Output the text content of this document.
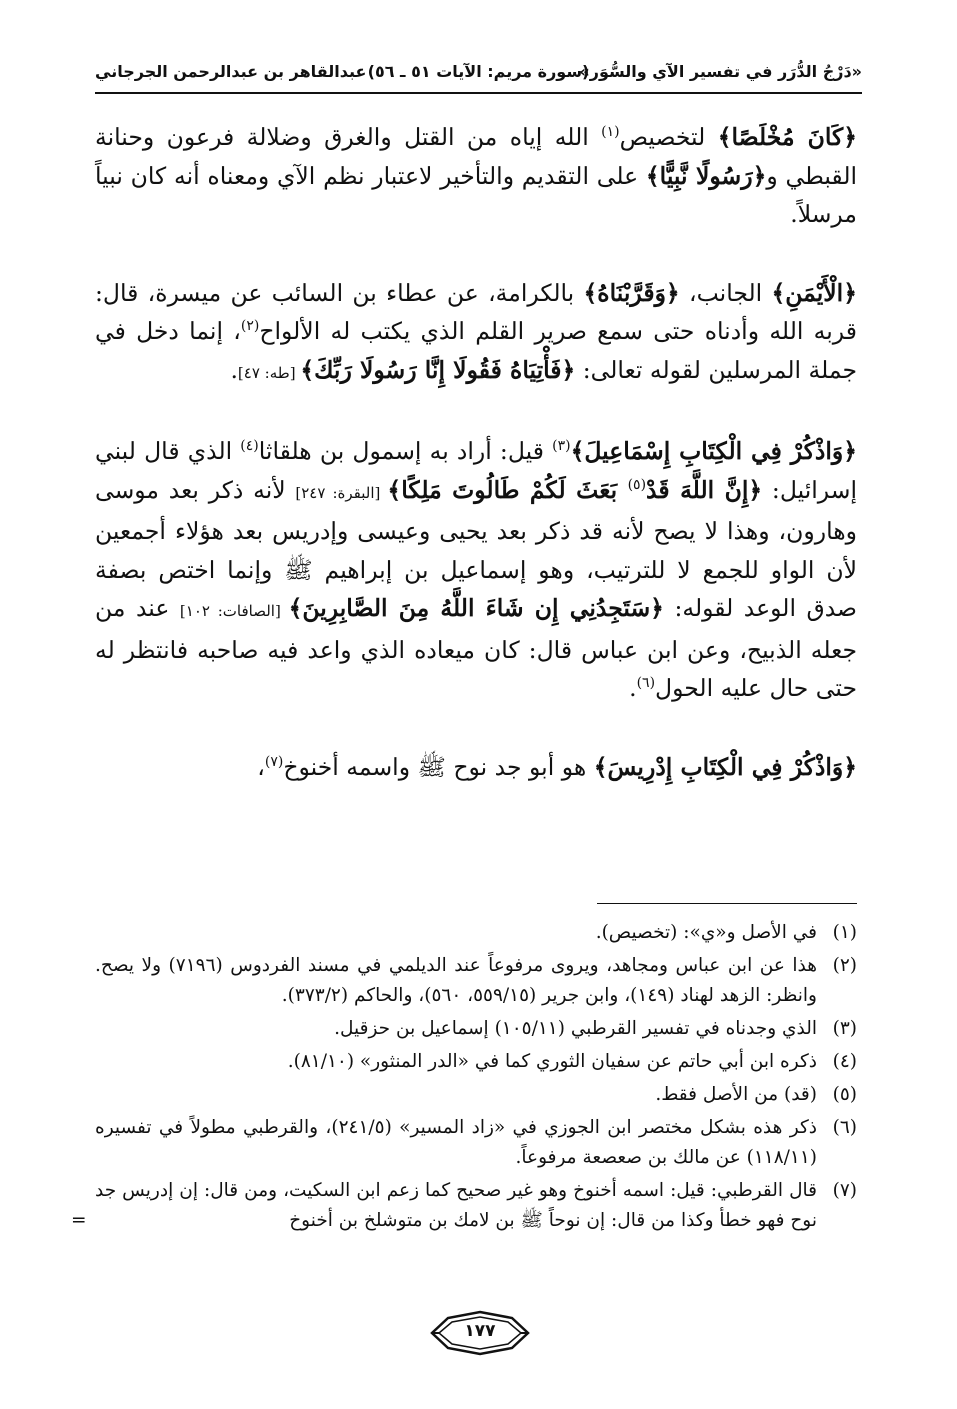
«دَرْجُ الدُّرَر في تفسير الآي والسُّوَر»
(سورة مريم: الآيات ٥١ ـ ٥٦)
عبدالقاهر بن عبدالرحمن الجرجاني

﴿كَانَ مُخْلَصًا﴾ لتخصيص$^{(١)}$ الله إياه من القتل والغرق وضلالة فرعون وحنانة القبطي و﴿رَسُولًا نَّبِيًّا﴾ على التقديم والتأخير لاعتبار نظم الآي ومعناه أنه كان نبياً مرسلاً.

﴿الْأَيْمَنِ﴾ الجانب، ﴿وَقَرَّبْنَاهُ﴾ بالكرامة، عن عطاء بن السائب عن ميسرة، قال: قربه الله وأدناه حتى سمع صرير القلم الذي يكتب له الألواح$^{(٢)}$، إنما دخل في جملة المرسلين لقوله تعالى: ﴿فَأْتِيَاهُ فَقُولَا إِنَّا رَسُولَا رَبِّكَ﴾ [طه: ٤٧].

﴿وَاذْكُرْ فِي الْكِتَابِ إِسْمَاعِيلَ﴾$^{(٣)}$ قيل: أراد به إسمول بن هلقاثا$^{(٤)}$ الذي قال لبني إسرائيل: ﴿إِنَّ اللَّهَ قَدْ$^{(٥)}$ بَعَثَ لَكُمْ طَالُوتَ مَلِكًا﴾ [البقرة: ٢٤٧] لأنه ذكر بعد موسى وهارون، وهذا لا يصح لأنه قد ذكر بعد يحيى وعيسى وإدريس بعد هؤلاء أجمعين لأن الواو للجمع لا للترتيب، وهو إسماعيل بن إبراهيم ﷺ وإنما اختص بصفة صدق الوعد لقوله: ﴿سَتَجِدُنِي إِن شَاءَ اللَّهُ مِنَ الصَّابِرِينَ﴾ [الصافات: ١٠٢] عند من جعله الذبيح، وعن ابن عباس قال: كان ميعاده الذي واعد فيه صاحبه فانتظر له حتى حال عليه الحول$^{(٦)}$.

﴿وَاذْكُرْ فِي الْكِتَابِ إِدْرِيسَ﴾ هو أبو جد نوح ﷺ واسمه أخنوخ$^{(٧)}$،

(١)
في الأصل و«ي»: (تخصيص).
(٢)
هذا عن ابن عباس ومجاهد، ويروى مرفوعاً عند الديلمي في مسند الفردوس (٧١٩٦) ولا يصح. وانظر: الزهد لهناد (١٤٩)، وابن جرير (٥٥٩/١٥، ٥٦٠)، والحاكم (٣٧٣/٢).
(٣)
الذي وجدناه في تفسير القرطبي (١٠٥/١١) إسماعيل بن حزقيل.
(٤)
ذكره ابن أبي حاتم عن سفيان الثوري كما في «الدر المنثور» (٨١/١٠).
(٥)
(قد) من الأصل فقط.
(٦)
ذكر هذه بشكل مختصر ابن الجوزي في «زاد المسير» (٢٤١/٥)، والقرطبي مطولاً في تفسيره (١١٨/١١) عن مالك بن صعصعة مرفوعاً.
(٧)
قال القرطبي: قيل: اسمه أخنوخ وهو غير صحيح كما زعم ابن السكيت، ومن قال: إن إدريس جد نوح فهو خطأ وكذا من قال: إن نوحاً ﷺ بن لامك بن متوشلخ بن أخنوخ
=
١٧٧
